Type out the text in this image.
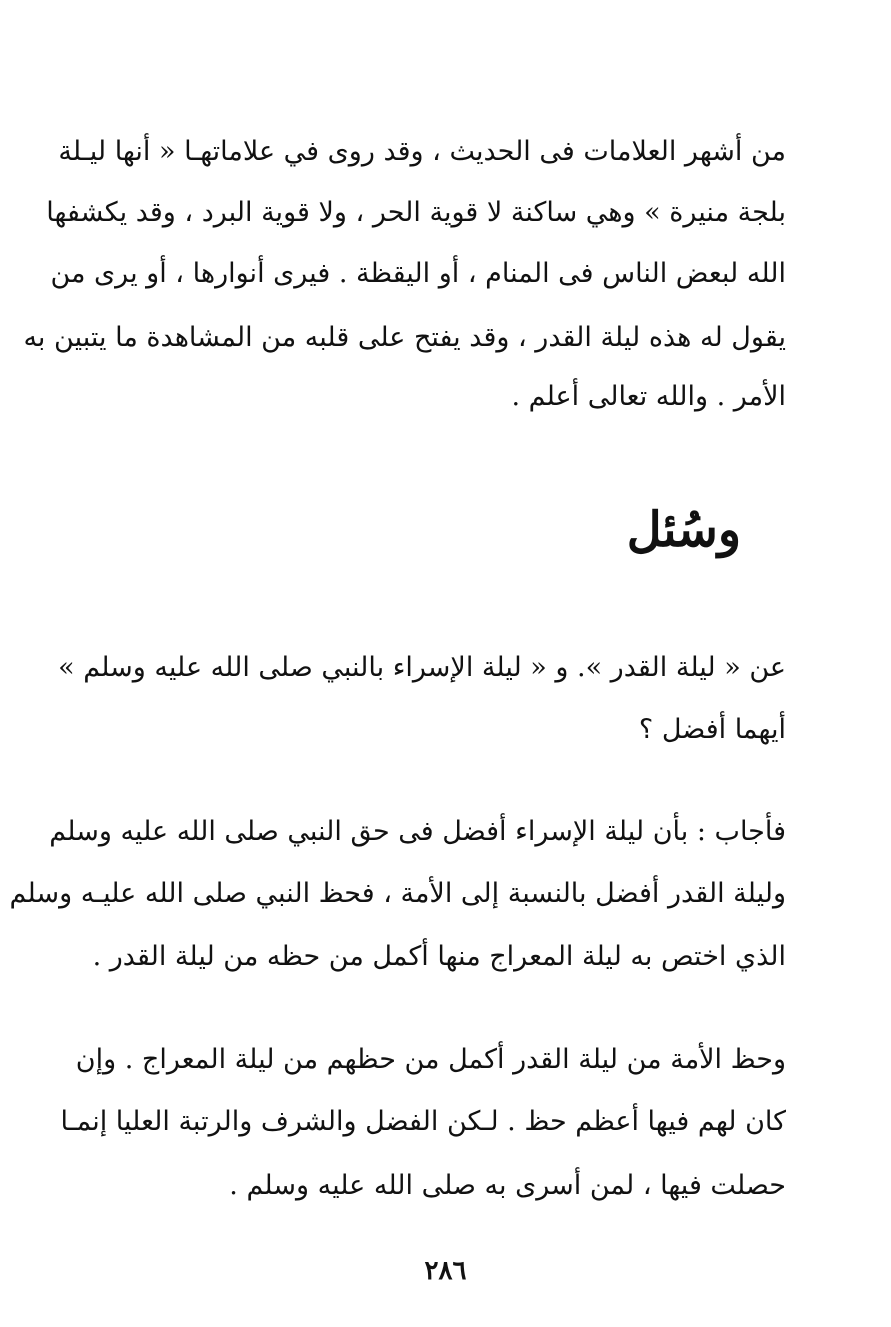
من أشهر العلامات فى الحديث ، وقد روى في علاماتهـا « أنها ليـلة
بلجة منيرة » وهي ساكنة لا قوية الحر ، ولا قوية البرد ، وقد يكشفها
الله لبعض الناس فى المنام ، أو اليقظة . فيرى أنوارها ، أو يرى من
يقول له هذه ليلة القدر ، وقد يفتح على قلبه من المشاهدة ما يتبين به
الأمر . والله تعالى أعلم .
وسُئل
عن « ليلة القدر ». و « ليلة الإسراء بالنبي صلى الله عليه وسلم »
أيهما أفضل ؟
فأجاب : بأن ليلة الإسراء أفضل فى حق النبي صلى الله عليه وسلم
وليلة القدر أفضل بالنسبة إلى الأمة ، فحظ النبي صلى الله عليـه وسلم
الذي اختص به ليلة المعراج منها أكمل من حظه من ليلة القدر .
وحظ الأمة من ليلة القدر أكمل من حظهم من ليلة المعراج . وإن
كان لهم فيها أعظم حظ . لـكن الفضل والشرف والرتبة العليا إنمـا
حصلت فيها ، لمن أسرى به صلى الله عليه وسلم .
٢٨٦
